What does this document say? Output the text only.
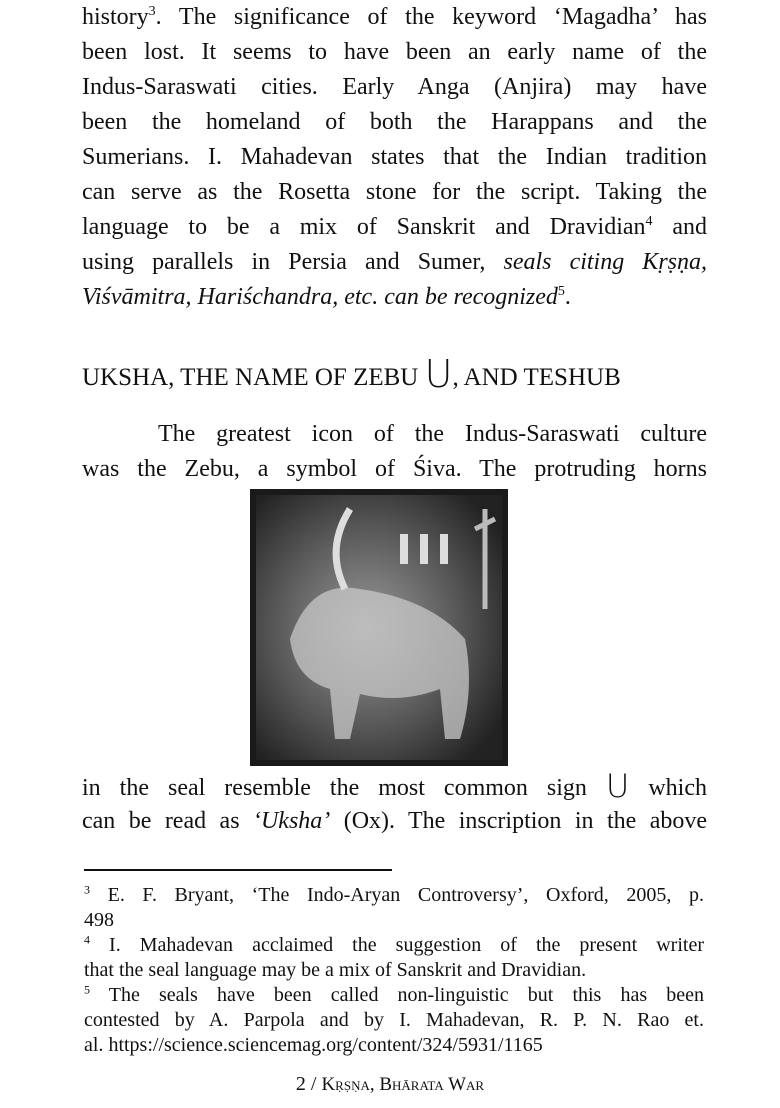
history$^3$. The significance of the keyword ‘Magadha’ has
been lost. It seems to have been an early name of the
Indus-Saraswati cities. Early Anga (Anjira) may have
been the homeland of both the Harappans and the
Sumerians. I. Mahadevan states that the Indian tradition
can serve as the Rosetta stone for the script. Taking the
language to be a mix of Sanskrit and Dravidian$^4$ and
using parallels in Persia and Sumer, seals citing Kṛṣṇa,
Viśvāmitra, Hariśchandra, etc. can be recognized$^5$.
UKSHA, THE NAME OF ZEBU U, AND TESHUB
The greatest icon of the Indus-Saraswati culture
was the Zebu, a symbol of Śiva. The protruding horns
in the seal resemble the most common sign U which
can be read as ‘Uksha’ (Ox). The inscription in the above
$^3$ E. F. Bryant, ‘The Indo-Aryan Controversy’, Oxford, 2005, p.
498
$^4$ I. Mahadevan acclaimed the suggestion of the present writer
that the seal language may be a mix of Sanskrit and Dravidian.
$^5$ The seals have been called non-linguistic but this has been
contested by A. Parpola and by I. Mahadevan, R. P. N. Rao et.
al. https://science.sciencemag.org/content/324/5931/1165
2 / Kṛṣṇa, Bhārata War
